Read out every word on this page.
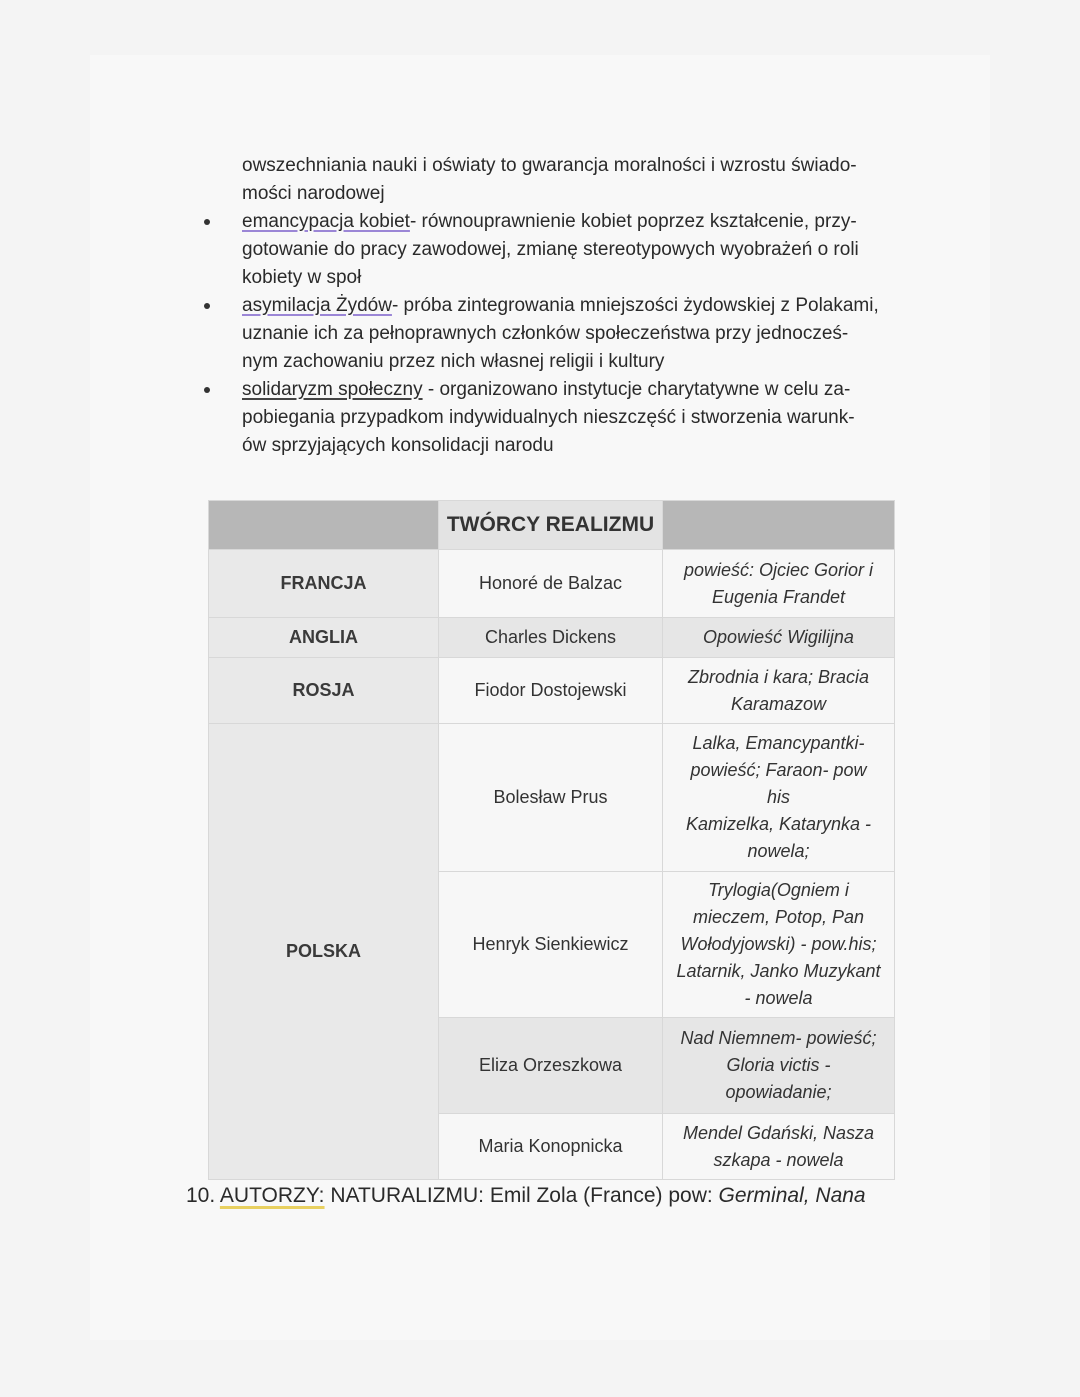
owszechniania nauki i oświaty to gwarancja moralności i wzrostu świado-

mości narodowej

emancypacja kobiet- równouprawnienie kobiet poprzez kształcenie, przy-

gotowanie do pracy zawodowej, zmianę stereotypowych wyobrażeń o roli

kobiety w społ

asymilacja Żydów- próba zintegrowania mniejszości żydowskiej z Polakami,

uznanie ich za pełnoprawnych członków społeczeństwa przy jednocześ-

nym zachowaniu przez nich własnej religii i kultury

solidaryzm społeczny - organizowano instytucje charytatywne w celu za-

pobiegania przypadkom indywidualnych nieszczęść i stworzenia warunk-

ów sprzyjających konsolidacji narodu

	TWÓRCY REALIZMU	
FRANCJA	Honoré de Balzac	powieść: Ojciec Gorior i
Eugenia Frandet

ANGLIA	Charles Dickens	Opowieść Wigilijna

ROSJA	Fiodor Dostojewski	Zbrodnia i kara; Bracia
Karamazow

POLSKA	Bolesław Prus	Lalka, Emancypantki-
powieść; Faraon- pow
his
Kamizelka, Katarynka -
nowela;

	Henryk Sienkiewicz	Trylogia(Ogniem i
mieczem, Potop, Pan
Wołodyjowski) - pow.his;
Latarnik, Janko Muzykant
- nowela

	Eliza Orzeszkowa	Nad Niemnem- powieść;
Gloria victis -
opowiadanie;

	Maria Konopnicka	Mendel Gdański, Nasza
szkapa - nowela
10. AUTORZY: NATURALIZMU: Emil Zola (France) pow: Germinal, Nana
